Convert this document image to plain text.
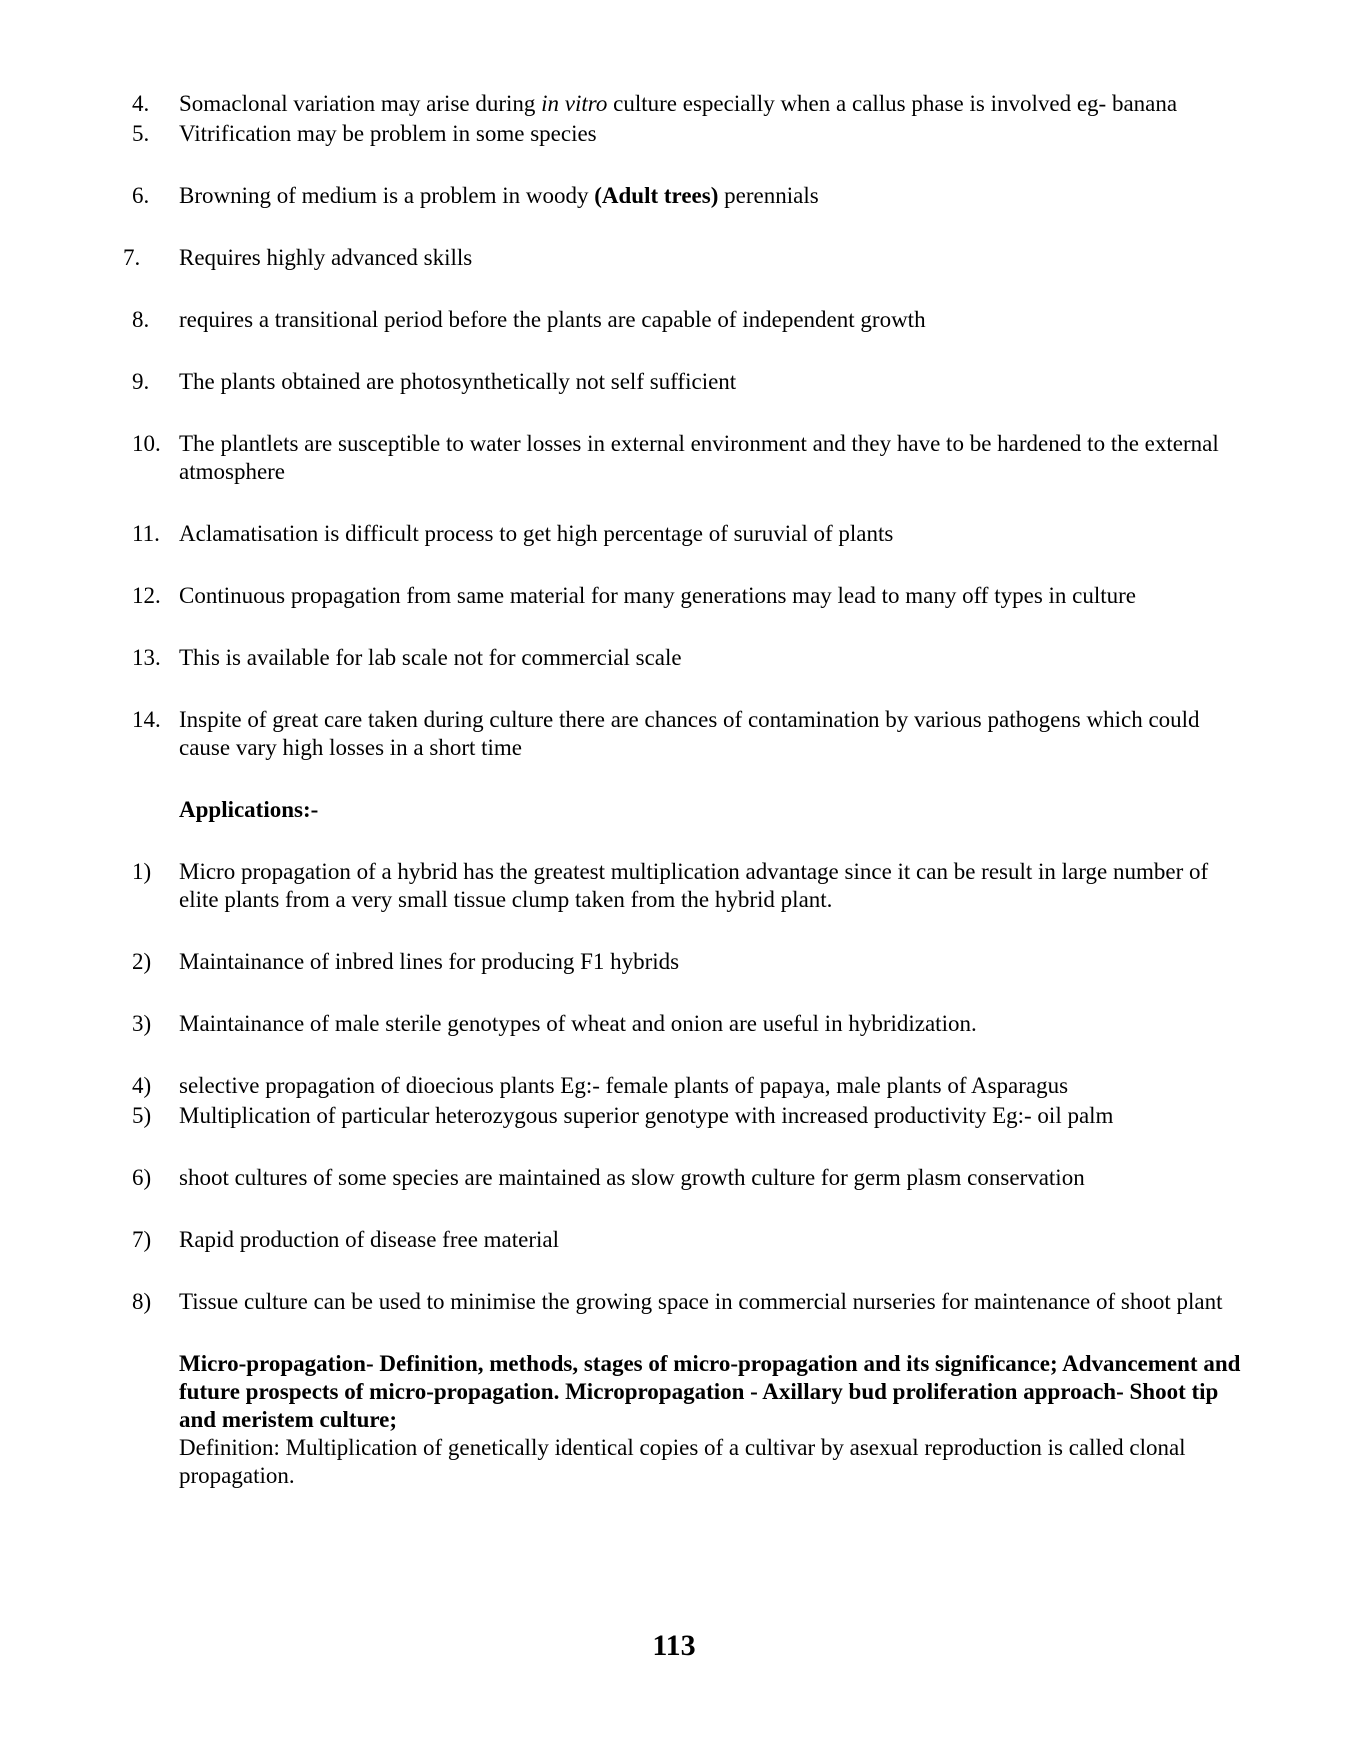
4.	Somaclonal variation may arise during in vitro culture especially when a callus phase is involved eg- banana
5.	Vitrification may be problem in some species
6.	Browning of medium is a problem in woody (Adult trees) perennials
7.	Requires highly advanced skills
8.	requires a transitional period before the plants are capable of independent growth
9.	The plants obtained are photosynthetically not self sufficient
10. The plantlets are susceptible to water losses in external environment and they have to be hardened to the external atmosphere
11. Aclamatisation is difficult process to get high percentage of suruvial of plants
12. Continuous propagation from same material for many generations may lead to many off types in culture
13. This is available for lab scale not for commercial scale
14. Inspite of great care taken during culture there are chances of contamination by various pathogens which could cause vary high losses in a short time

Applications:-

1)	Micro propagation of a hybrid has the greatest multiplication advantage since it can be result in large number of elite plants from a very small tissue clump taken from the hybrid plant.
2)	Maintainance of inbred lines for producing F1 hybrids
3)	Maintainance of male sterile genotypes of wheat and onion are useful in hybridization.
4)	selective propagation of dioecious plants Eg:- female plants of papaya, male plants of Asparagus
5)	Multiplication of particular heterozygous superior genotype with increased productivity Eg:- oil palm
6)	shoot cultures of some species are maintained as slow growth culture for germ plasm conservation
7)	Rapid production of disease free material
8)	Tissue culture can be used to minimise the growing space in commercial nurseries for maintenance of shoot plant

Micro-propagation- Definition, methods, stages of micro-propagation and its significance; Advancement and future prospects of micro-propagation. Micropropagation - Axillary bud proliferation approach- Shoot tip and meristem culture;

Definition: Multiplication of genetically identical copies of a cultivar by asexual reproduction is called clonal propagation.

113
